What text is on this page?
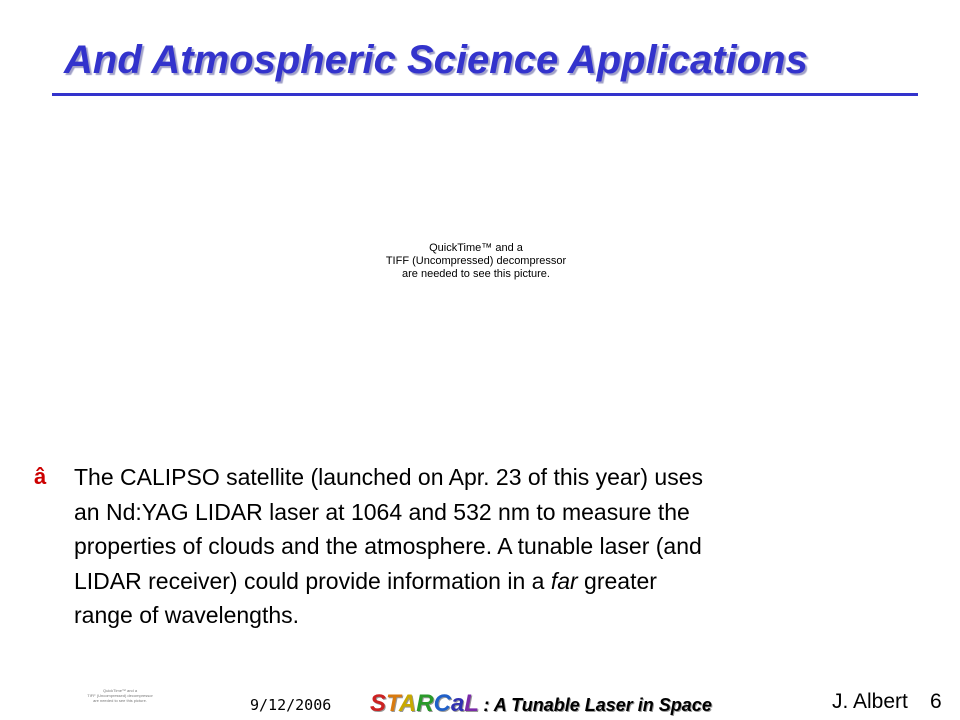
And Atmospheric Science Applications
QuickTime™ and a
TIFF (Uncompressed) decompressor
are needed to see this picture.
â The CALIPSO satellite (launched on Apr. 23 of this year) uses
an Nd:YAG LIDAR laser at 1064 and 532 nm to measure the
properties of clouds and the atmosphere. A tunable laser (and
LIDAR receiver) could provide information in a far greater
range of wavelengths.
QuickTime™ and a
TIFF (Uncompressed) decompressor
are needed to see this picture.	9/12/2006 STARCaL : A Tunable Laser in Space	J. Albert 6
